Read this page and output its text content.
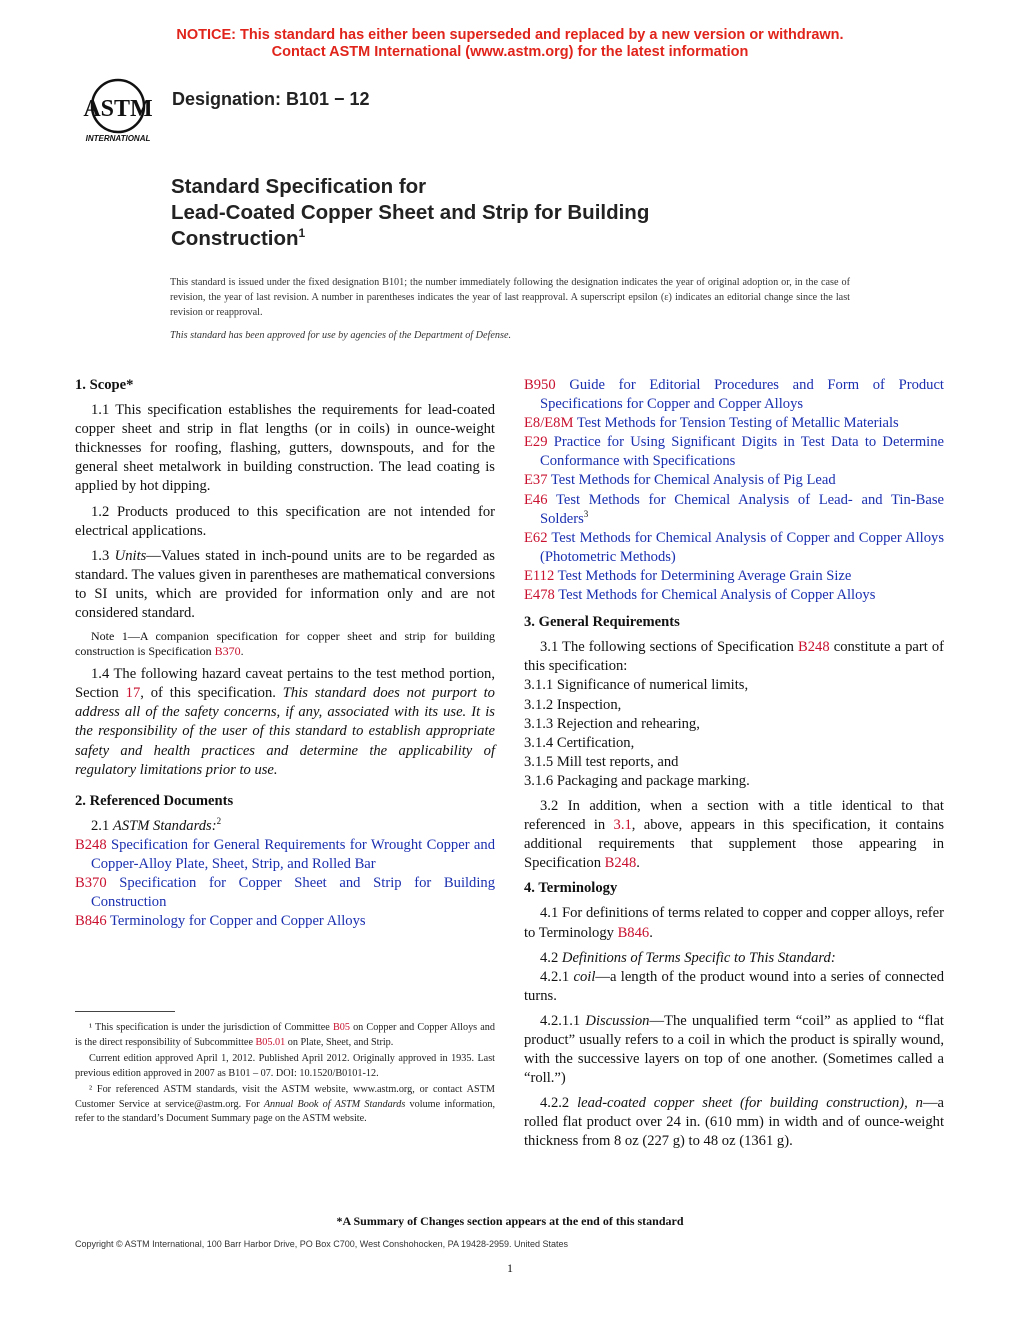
NOTICE: This standard has either been superseded and replaced by a new version or withdrawn.
Contact ASTM International (www.astm.org) for the latest information
ASTM
INTERNATIONAL
Designation: B101 − 12
Standard Specification for
Lead-Coated Copper Sheet and Strip for Building
Construction$^1$
This standard is issued under the fixed designation B101; the number immediately following the designation indicates the year of original adoption or, in the case of revision, the year of last revision. A number in parentheses indicates the year of last reapproval. A superscript epsilon (ε) indicates an editorial change since the last revision or reapproval.
This standard has been approved for use by agencies of the Department of Defense.
1. Scope*

1.1 This specification establishes the requirements for lead-coated copper sheet and strip in flat lengths (or in coils) in ounce-weight thicknesses for roofing, flashing, gutters, downspouts, and for the general sheet metalwork in building construction. The lead coating is applied by hot dipping.

1.2 Products produced to this specification are not intended for electrical applications.

1.3 Units—Values stated in inch-pound units are to be regarded as standard. The values given in parentheses are mathematical conversions to SI units, which are provided for information only and are not considered standard.

Note 1—A companion specification for copper sheet and strip for building construction is Specification B370.

1.4 The following hazard caveat pertains to the test method portion, Section 17, of this specification. This standard does not purport to address all of the safety concerns, if any, associated with its use. It is the responsibility of the user of this standard to establish appropriate safety and health practices and determine the applicability of regulatory limitations prior to use.

2. Referenced Documents

2.1 ASTM Standards:$^2$

B248 Specification for General Requirements for Wrought Copper and Copper-Alloy Plate, Sheet, Strip, and Rolled Bar
B370 Specification for Copper Sheet and Strip for Building Construction
B846 Terminology for Copper and Copper Alloys

¹ This specification is under the jurisdiction of Committee B05 on Copper and Copper Alloys and is the direct responsibility of Subcommittee B05.01 on Plate, Sheet, and Strip.

Current edition approved April 1, 2012. Published April 2012. Originally approved in 1935. Last previous edition approved in 2007 as B101 – 07. DOI: 10.1520/B0101-12.

² For referenced ASTM standards, visit the ASTM website, www.astm.org, or contact ASTM Customer Service at service@astm.org. For Annual Book of ASTM Standards volume information, refer to the standard’s Document Summary page on the ASTM website.

B950 Guide for Editorial Procedures and Form of Product Specifications for Copper and Copper Alloys
E8/E8M Test Methods for Tension Testing of Metallic Materials
E29 Practice for Using Significant Digits in Test Data to Determine Conformance with Specifications
E37 Test Methods for Chemical Analysis of Pig Lead
E46 Test Methods for Chemical Analysis of Lead- and Tin-Base Solders$^3$
E62 Test Methods for Chemical Analysis of Copper and Copper Alloys (Photometric Methods)
E112 Test Methods for Determining Average Grain Size
E478 Test Methods for Chemical Analysis of Copper Alloys
3. General Requirements

3.1 The following sections of Specification B248 constitute a part of this specification:

3.1.1 Significance of numerical limits,
3.1.2 Inspection,
3.1.3 Rejection and rehearing,
3.1.4 Certification,
3.1.5 Mill test reports, and
3.1.6 Packaging and package marking.

3.2 In addition, when a section with a title identical to that referenced in 3.1, above, appears in this specification, it contains additional requirements that supplement those appearing in Specification B248.

4. Terminology

4.1 For definitions of terms related to copper and copper alloys, refer to Terminology B846.

4.2 Definitions of Terms Specific to This Standard:

4.2.1 coil—a length of the product wound into a series of connected turns.

4.2.1.1 Discussion—The unqualified term “coil” as applied to “flat product” usually refers to a coil in which the product is spirally wound, with the successive layers on top of one another. (Sometimes called a “roll.”)

4.2.2 lead-coated copper sheet (for building construction), n—a rolled flat product over 24 in. (610 mm) in width and of ounce-weight thickness from 8 oz (227 g) to 48 oz (1361 g).

*A Summary of Changes section appears at the end of this standard
Copyright © ASTM International, 100 Barr Harbor Drive, PO Box C700, West Conshohocken, PA 19428-2959. United States
1
